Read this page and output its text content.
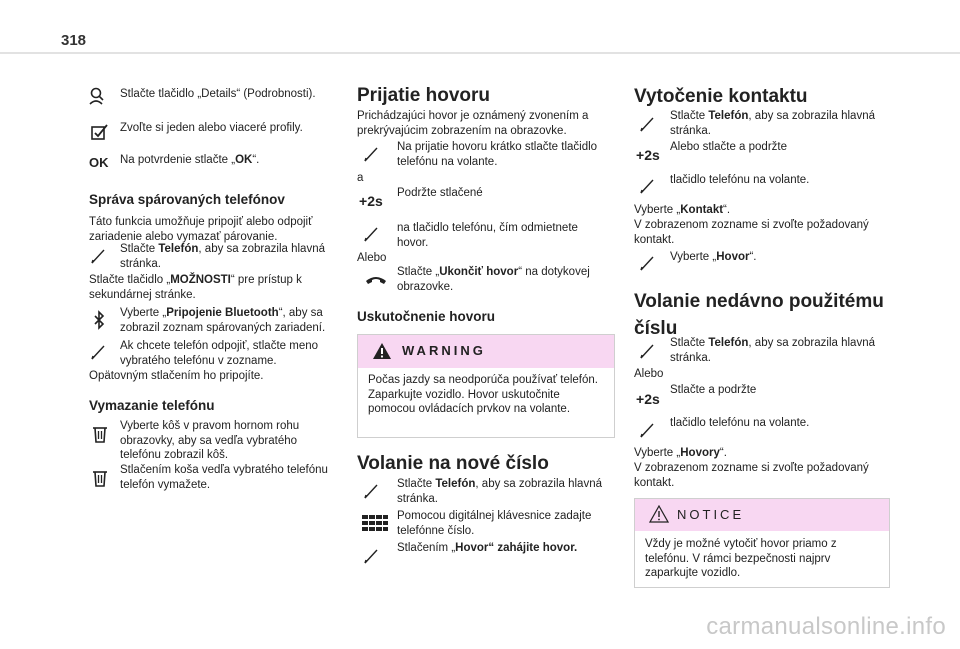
318
Stlačte tlačidlo „Details“ (Podrobnosti).
Zvoľte si jeden alebo viaceré profily.
OK Na potvrdenie stlačte „OK“.
Správa spárovaných telefónov
Táto funkcia umožňuje pripojiť alebo odpojiť zariadenie alebo vymazať párovanie.
Stlačte Telefón, aby sa zobrazila hlavná stránka.
Stlačte tlačidlo „MOŽNOSTI“ pre prístup k sekundárnej stránke.
Vyberte „Pripojenie Bluetooth“, aby sa zobrazil zoznam spárovaných zariadení.
Ak chcete telefón odpojiť, stlačte meno vybratého telefónu v zozname.
Opätovným stlačením ho pripojíte.
Vymazanie telefónu
Vyberte kôš v pravom hornom rohu obrazovky, aby sa vedľa vybratého telefónu zobrazil kôš.
Stlačením koša vedľa vybratého telefónu telefón vymažete.
Prijatie hovoru
Prichádzajúci hovor je oznámený zvonením a prekrývajúcim zobrazením na obrazovke.
Na prijatie hovoru krátko stlačte tlačidlo telefónu na volante.
a
+2s	Podržte stlačené
na tlačidlo telefónu, čím odmietnete hovor.
Alebo
Stlačte „Ukončiť hovor“ na dotykovej obrazovke.
Uskutočnenie hovoru
WARNING
Počas jazdy sa neodporúča používať telefón. Zaparkujte vozidlo. Hovor uskutočnite pomocou ovládacích prvkov na volante.
Volanie na nové číslo
Stlačte Telefón, aby sa zobrazila hlavná stránka.
Pomocou digitálnej klávesnice zadajte telefónne číslo.
Stlačením „Hovor“ zahájite hovor.
Vytočenie kontaktu
Stlačte Telefón, aby sa zobrazila hlavná stránka.
+2s Alebo stlačte a podržte
tlačidlo telefónu na volante.
Vyberte „Kontakt“.
V zobrazenom zozname si zvoľte požadovaný kontakt.
Vyberte „Hovor“.
Volanie nedávno použitému číslu
Stlačte Telefón, aby sa zobrazila hlavná stránka.
Alebo
+2s
Stlačte a podržte
tlačidlo telefónu na volante.
Vyberte „Hovory“.
V zobrazenom zozname si zvoľte požadovaný kontakt.
NOTICE
Vždy je možné vytočiť hovor priamo z telefónu. V rámci bezpečnosti najprv zaparkujte vozidlo.
carmanualsonline.info
